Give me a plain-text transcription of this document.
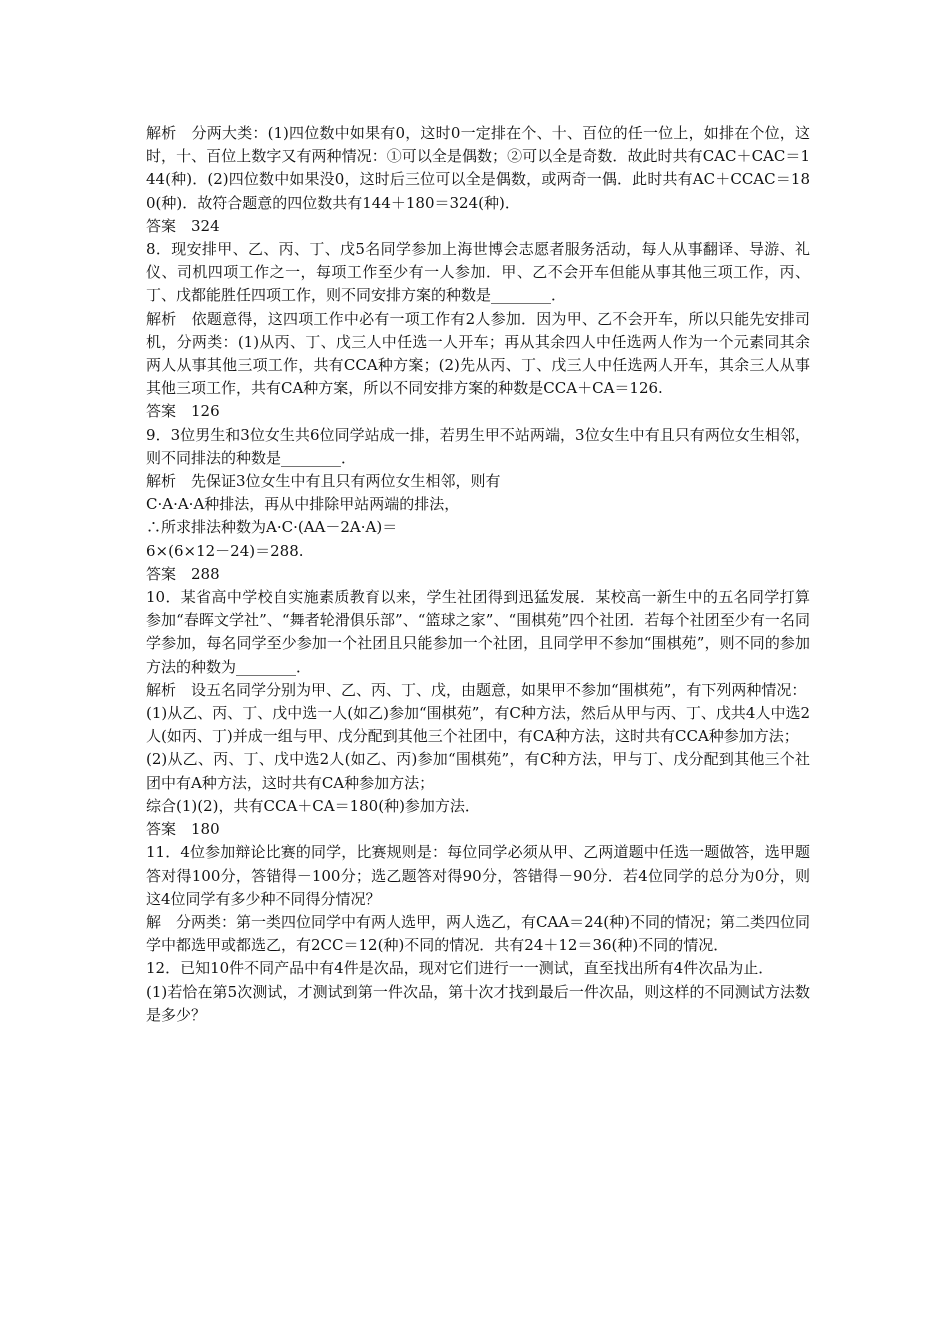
解析　分两大类：(1)四位数中如果有0，这时0一定排在个、十、百位的任一位上，如排在个位，这时，十、百位上数字又有两种情况：①可以全是偶数；②可以全是奇数．故此时共有CAC＋CAC＝144(种)．(2)四位数中如果没0，这时后三位可以全是偶数，或两奇一偶．此时共有AC＋CCAC＝180(种)．故符合题意的四位数共有144＋180＝324(种)．

答案　324

8．现安排甲、乙、丙、丁、戊5名同学参加上海世博会志愿者服务活动，每人从事翻译、导游、礼仪、司机四项工作之一，每项工作至少有一人参加．甲、乙不会开车但能从事其他三项工作，丙、丁、戊都能胜任四项工作，则不同安排方案的种数是________．

解析　依题意得，这四项工作中必有一项工作有2人参加．因为甲、乙不会开车，所以只能先安排司机，分两类：(1)从丙、丁、戊三人中任选一人开车；再从其余四人中任选两人作为一个元素同其余两人从事其他三项工作，共有CCA种方案；(2)先从丙、丁、戊三人中任选两人开车，其余三人从事其他三项工作，共有CA种方案，所以不同安排方案的种数是CCA＋CA＝126.

答案　126

9．3位男生和3位女生共6位同学站成一排，若男生甲不站两端，3位女生中有且只有两位女生相邻，则不同排法的种数是________．

解析　先保证3位女生中有且只有两位女生相邻，则有

C·A·A·A种排法，再从中排除甲站两端的排法，

∴所求排法种数为A·C·(AA－2A·A)＝

6×(6×12－24)＝288.

答案　288

10．某省高中学校自实施素质教育以来，学生社团得到迅猛发展．某校高一新生中的五名同学打算参加“春晖文学社”、“舞者轮滑俱乐部”、“篮球之家”、“围棋苑”四个社团．若每个社团至少有一名同学参加，每名同学至少参加一个社团且只能参加一个社团，且同学甲不参加“围棋苑”，则不同的参加方法的种数为________．

解析　设五名同学分别为甲、乙、丙、丁、戊，由题意，如果甲不参加“围棋苑”，有下列两种情况：

(1)从乙、丙、丁、戊中选一人(如乙)参加“围棋苑”，有C种方法，然后从甲与丙、丁、戊共4人中选2人(如丙、丁)并成一组与甲、戊分配到其他三个社团中，有CA种方法，这时共有CCA种参加方法；

(2)从乙、丙、丁、戊中选2人(如乙、丙)参加“围棋苑”，有C种方法，甲与丁、戊分配到其他三个社团中有A种方法，这时共有CA种参加方法；

综合(1)(2)，共有CCA＋CA＝180(种)参加方法．

答案　180

11．4位参加辩论比赛的同学，比赛规则是：每位同学必须从甲、乙两道题中任选一题做答，选甲题答对得100分，答错得－100分；选乙题答对得90分，答错得－90分．若4位同学的总分为0分，则这4位同学有多少种不同得分情况？

解　分两类：第一类四位同学中有两人选甲，两人选乙，有CAA＝24(种)不同的情况；第二类四位同学中都选甲或都选乙，有2CC＝12(种)不同的情况．共有24＋12＝36(种)不同的情况．

12．已知10件不同产品中有4件是次品，现对它们进行一一测试，直至找出所有4件次品为止．

(1)若恰在第5次测试，才测试到第一件次品，第十次才找到最后一件次品，则这样的不同测试方法数是多少？
